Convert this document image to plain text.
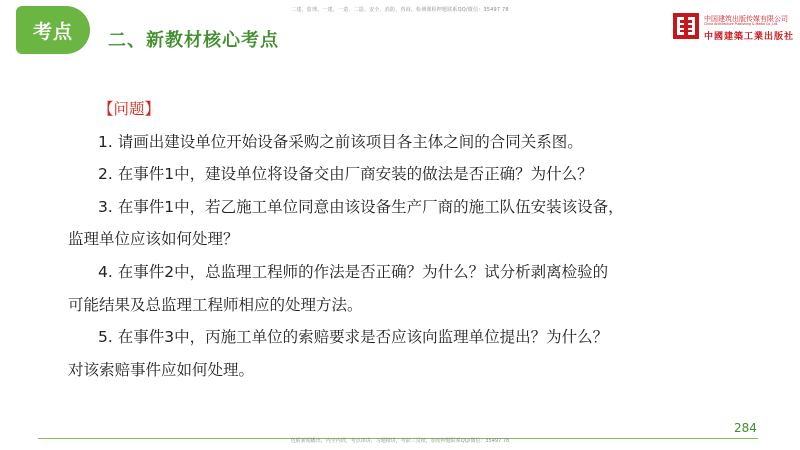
二建、监理、一建、一造、二造、安全、消防、咨询、检测课程押题联系QQ/微信：35497 78
考点	二、新教材核心考点
中国建筑出版传媒有限公司
China Architecture Publishing & Media Co.,Ltd.
中國建築工業出版社
【问题】
1. 请画出建设单位开始设备采购之前该项目各主体之间的合同关系图。
2. 在事件1中，建设单位将设备交由厂商安装的做法是否正确？为什么？
3. 在事件1中，若乙施工单位同意由该设备生产厂商的施工队伍安装该设备，
监理单位应该如何处理？
4. 在事件2中，总监理工程师的作法是否正确？为什么？试分析剥离检验的
可能结果及总监理工程师相应的处理方法。
5. 在事件3中，丙施工单位的索赔要求是否应该向监理单位提出？为什么？
对该索赔事件应如何处理。
284
包附新闻播出，内全内训，考点串讲，习题精讲，考前三页纸，加密押题联系QQ/微信：35497 78
